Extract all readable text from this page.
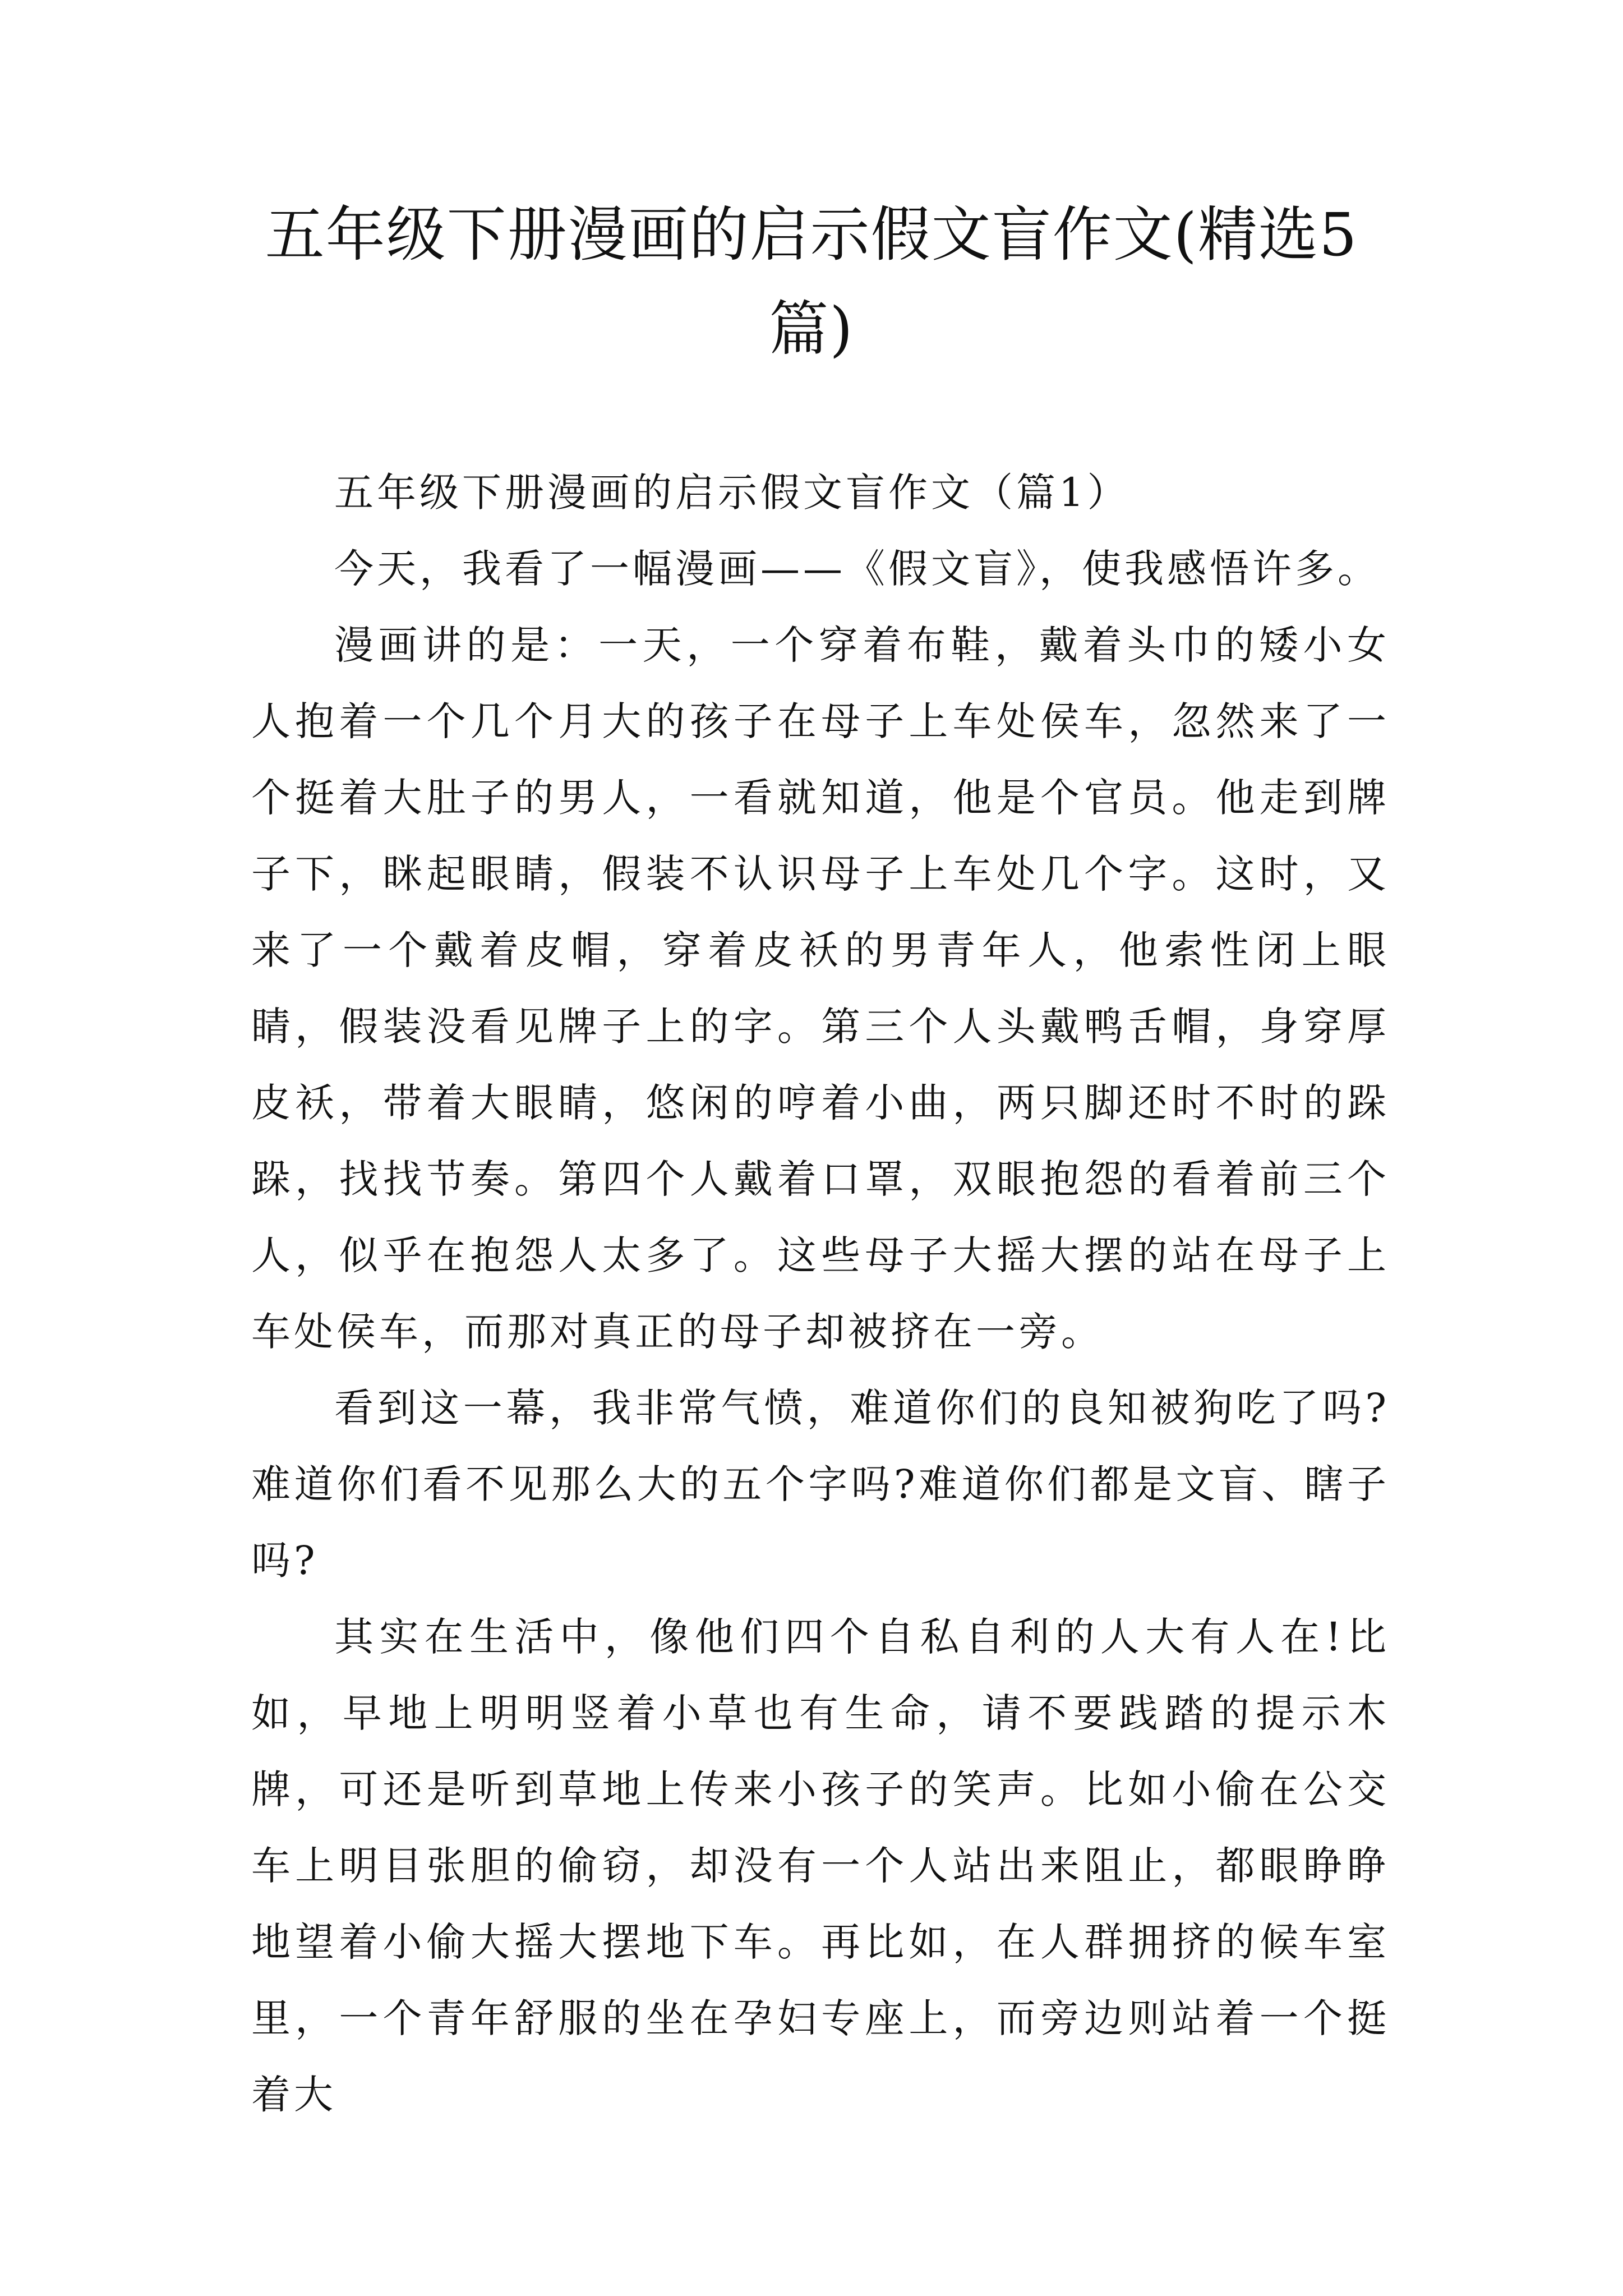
五年级下册漫画的启示假文盲作文(精选5篇)

五年级下册漫画的启示假文盲作文（篇1）

今天，我看了一幅漫画——《假文盲》，使我感悟许多。

漫画讲的是：一天，一个穿着布鞋，戴着头巾的矮小女人抱着一个几个月大的孩子在母子上车处侯车，忽然来了一个挺着大肚子的男人，一看就知道，他是个官员。他走到牌子下，眯起眼睛，假装不认识母子上车处几个字。这时，又来了一个戴着皮帽，穿着皮袄的男青年人，他索性闭上眼睛，假装没看见牌子上的字。第三个人头戴鸭舌帽，身穿厚皮袄，带着大眼睛，悠闲的哼着小曲，两只脚还时不时的跺跺，找找节奏。第四个人戴着口罩，双眼抱怨的看着前三个人，似乎在抱怨人太多了。这些母子大摇大摆的站在母子上车处侯车，而那对真正的母子却被挤在一旁。

看到这一幕，我非常气愤，难道你们的良知被狗吃了吗?难道你们看不见那么大的五个字吗?难道你们都是文盲、瞎子吗?

其实在生活中，像他们四个自私自利的人大有人在!比如，早地上明明竖着小草也有生命，请不要践踏的提示木牌，可还是听到草地上传来小孩子的笑声。比如小偷在公交车上明目张胆的偷窃，却没有一个人站出来阻止，都眼睁睁地望着小偷大摇大摆地下车。再比如，在人群拥挤的候车室里，一个青年舒服的坐在孕妇专座上，而旁边则站着一个挺着大
